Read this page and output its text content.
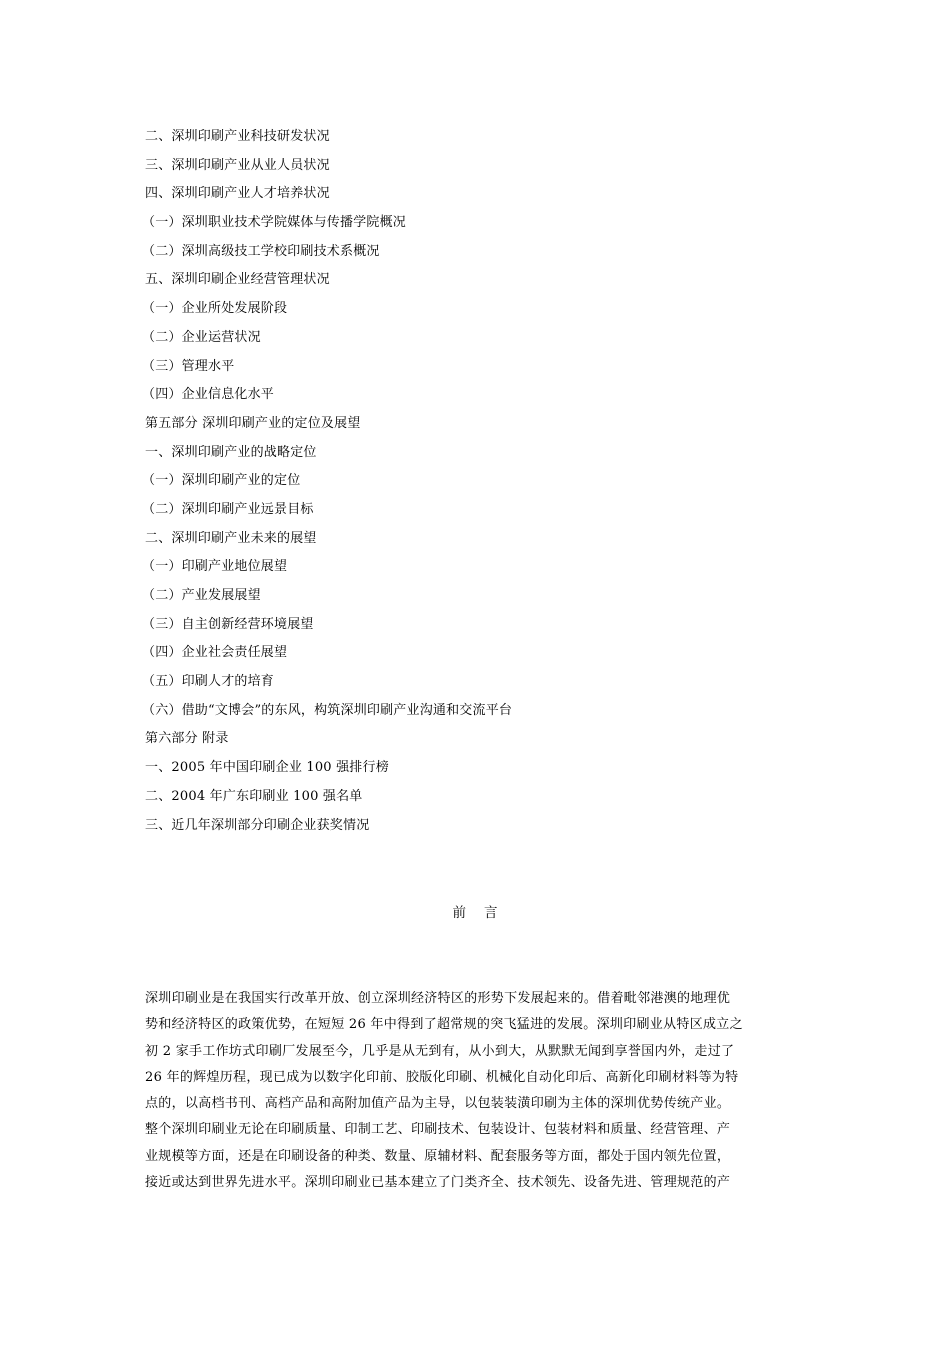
二、深圳印刷产业科技研发状况
三、深圳印刷产业从业人员状况
四、深圳印刷产业人才培养状况
（一）深圳职业技术学院媒体与传播学院概况
（二）深圳高级技工学校印刷技术系概况
五、深圳印刷企业经营管理状况
（一）企业所处发展阶段
（二）企业运营状况
（三）管理水平
（四）企业信息化水平
第五部分 深圳印刷产业的定位及展望
一、深圳印刷产业的战略定位
（一）深圳印刷产业的定位
（二）深圳印刷产业远景目标
二、深圳印刷产业未来的展望
（一）印刷产业地位展望
（二）产业发展展望
（三）自主创新经营环境展望
（四）企业社会责任展望
（五）印刷人才的培育
（六）借助“文博会”的东风，构筑深圳印刷产业沟通和交流平台
第六部分 附录
一、2005 年中国印刷企业 100 强排行榜
二、2004 年广东印刷业 100 强名单
三、近几年深圳部分印刷企业获奖情况
前 言
深圳印刷业是在我国实行改革开放、创立深圳经济特区的形势下发展起来的。借着毗邻港澳的地理优
势和经济特区的政策优势，在短短 26 年中得到了超常规的突飞猛进的发展。深圳印刷业从特区成立之
初 2 家手工作坊式印刷厂发展至今，几乎是从无到有，从小到大，从默默无闻到享誉国内外，走过了
26 年的辉煌历程，现已成为以数字化印前、胶版化印刷、机械化自动化印后、高新化印刷材料等为特
点的，以高档书刊、高档产品和高附加值产品为主导，以包装装潢印刷为主体的深圳优势传统产业。
整个深圳印刷业无论在印刷质量、印制工艺、印刷技术、包装设计、包装材料和质量、经营管理、产
业规模等方面，还是在印刷设备的种类、数量、原辅材料、配套服务等方面，都处于国内领先位置，
接近或达到世界先进水平。深圳印刷业已基本建立了门类齐全、技术领先、设备先进、管理规范的产
